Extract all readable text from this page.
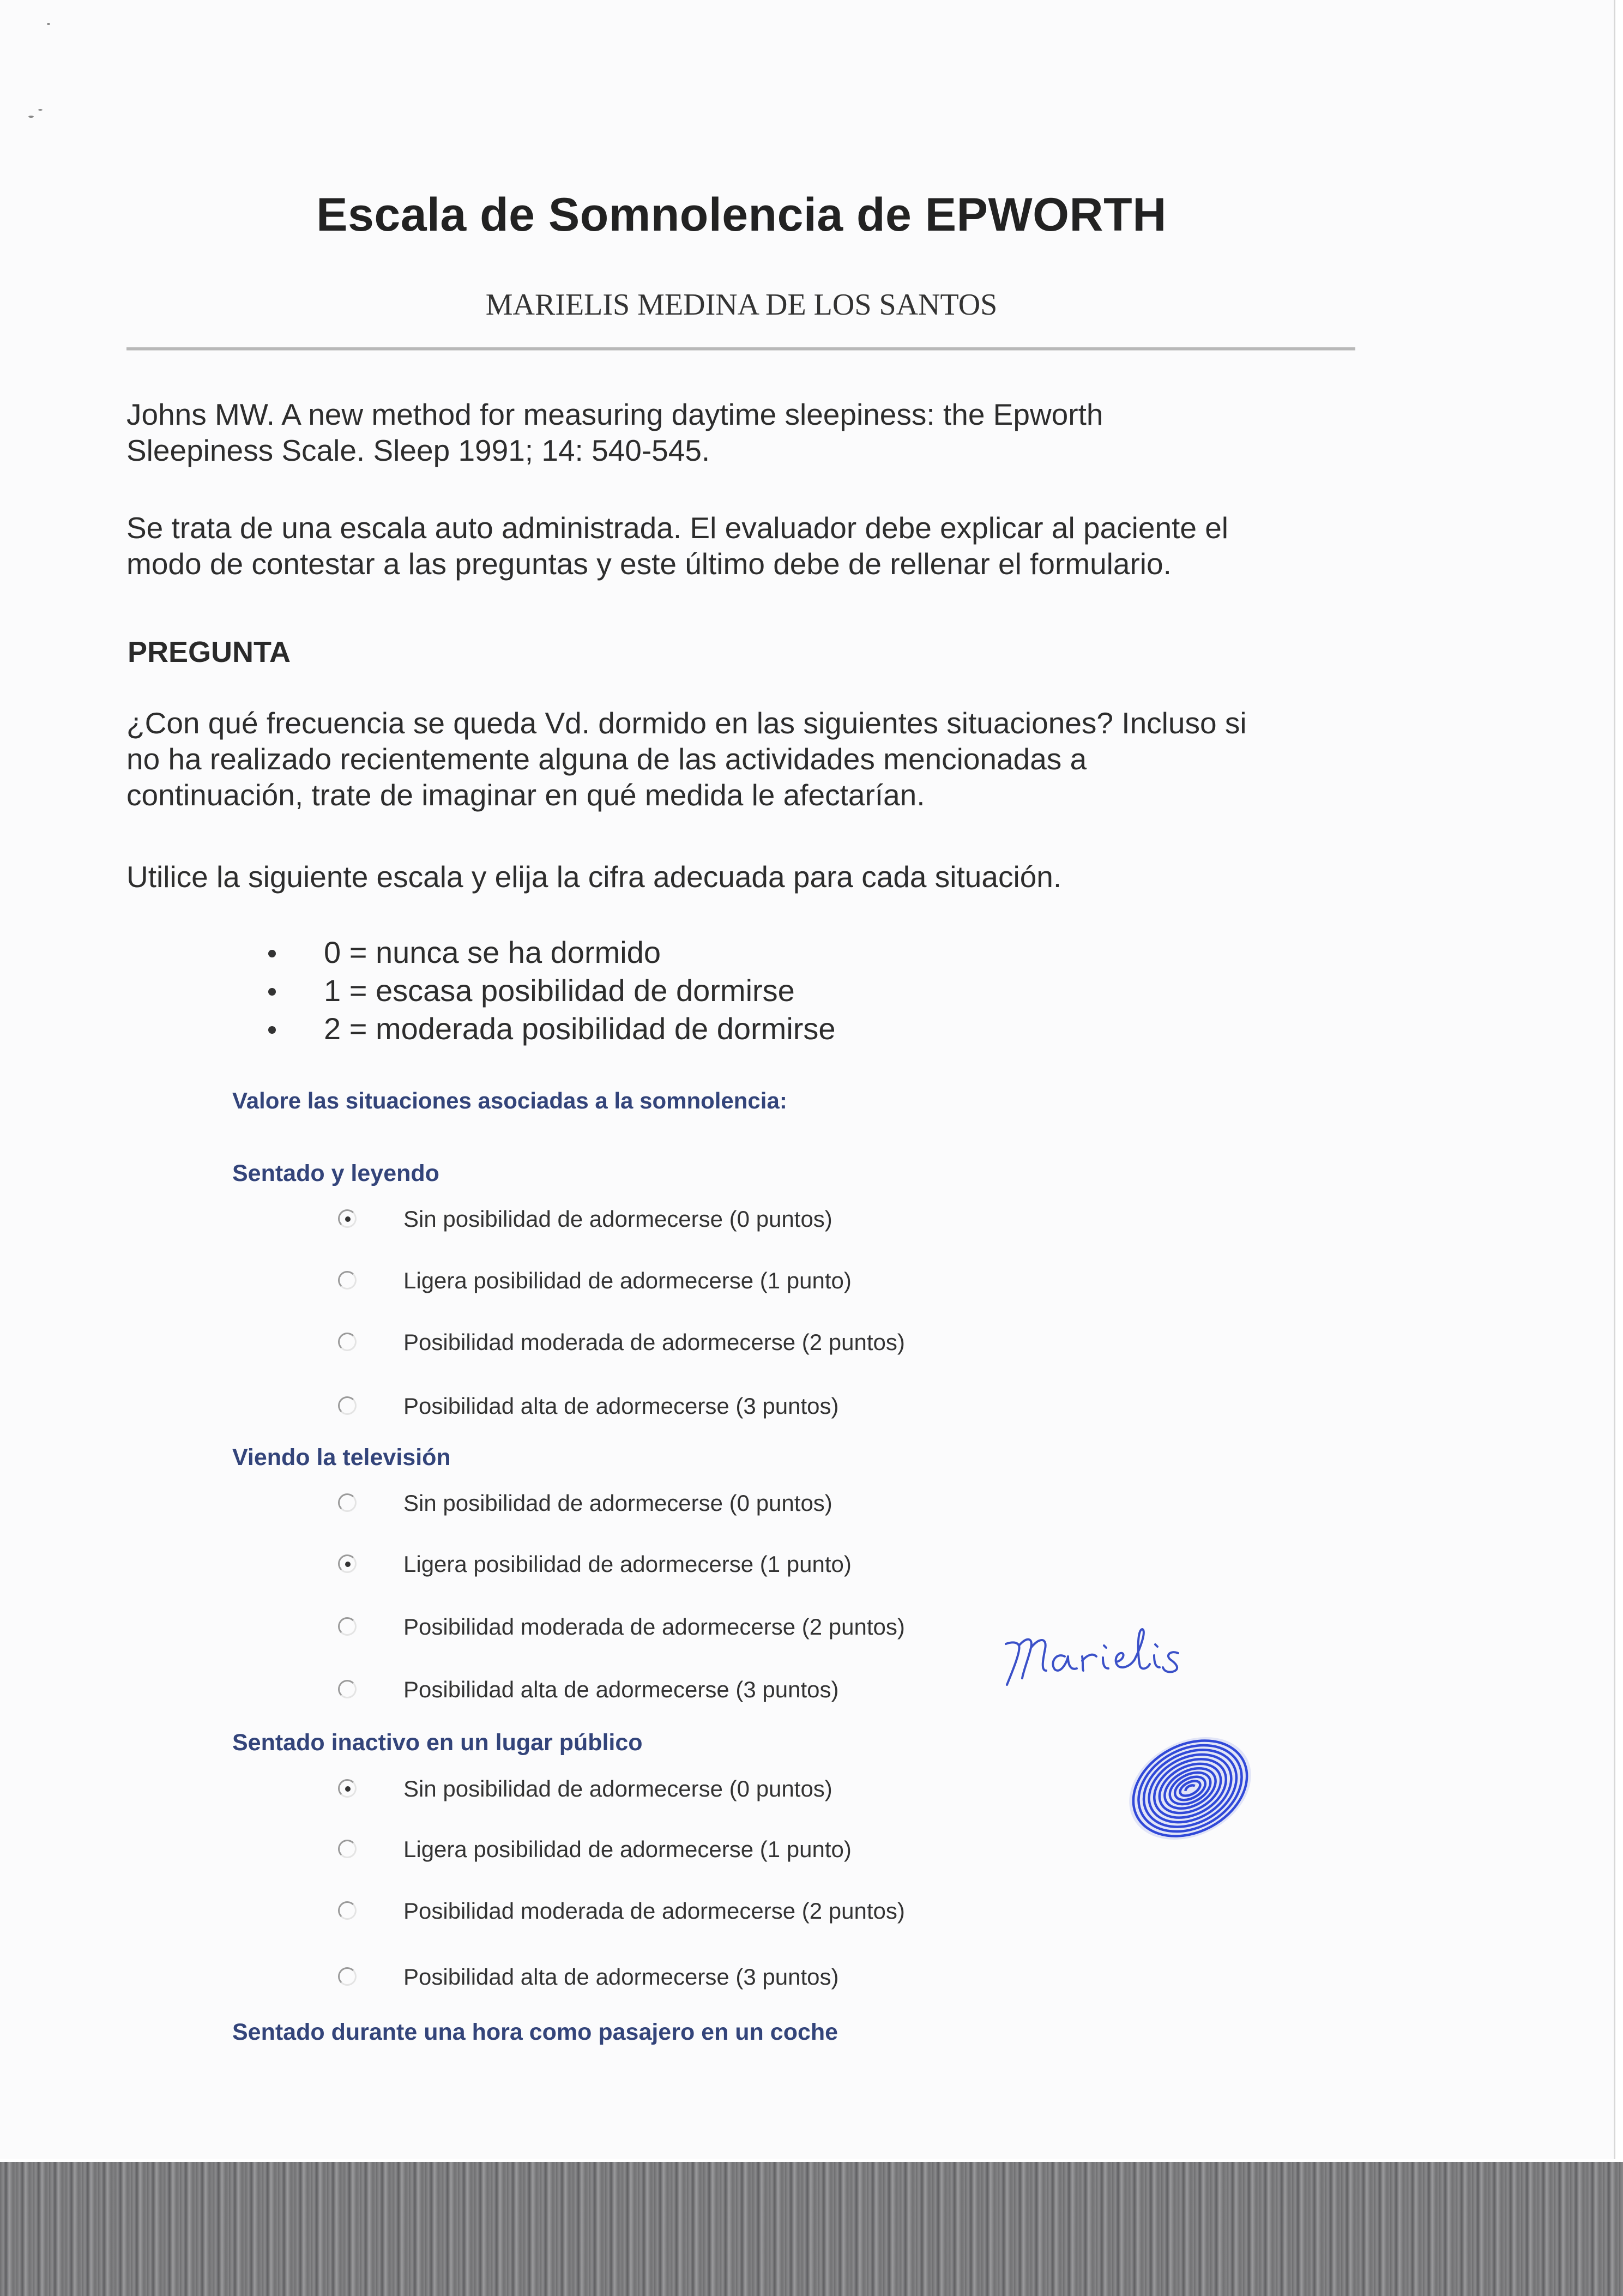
Escala de Somnolencia de EPWORTH
MARIELIS MEDINA DE LOS SANTOS
Johns MW. A new method for measuring daytime sleepiness: the Epworth
Sleepiness Scale. Sleep 1991; 14: 540-545.
Se trata de una escala auto administrada. El evaluador debe explicar al paciente el
modo de contestar a las preguntas y este último debe de rellenar el formulario.
PREGUNTA
¿Con qué frecuencia se queda Vd. dormido en las siguientes situaciones? Incluso si
no ha realizado recientemente alguna de las actividades mencionadas a
continuación, trate de imaginar en qué medida le afectarían.
Utilice la siguiente escala y elija la cifra adecuada para cada situación.
0 = nunca se ha dormido
1 = escasa posibilidad de dormirse
2 = moderada posibilidad de dormirse
Valore las situaciones asociadas a la somnolencia:
Sentado y leyendo
Sin posibilidad de adormecerse (0 puntos)
Ligera posibilidad de adormecerse (1 punto)
Posibilidad moderada de adormecerse (2 puntos)
Posibilidad alta de adormecerse (3 puntos)
Viendo la televisión
Sin posibilidad de adormecerse (0 puntos)
Ligera posibilidad de adormecerse (1 punto)
Posibilidad moderada de adormecerse (2 puntos)
Posibilidad alta de adormecerse (3 puntos)
Sentado inactivo en un lugar público
Sin posibilidad de adormecerse (0 puntos)
Ligera posibilidad de adormecerse (1 punto)
Posibilidad moderada de adormecerse (2 puntos)
Posibilidad alta de adormecerse (3 puntos)
Sentado durante una hora como pasajero en un coche
